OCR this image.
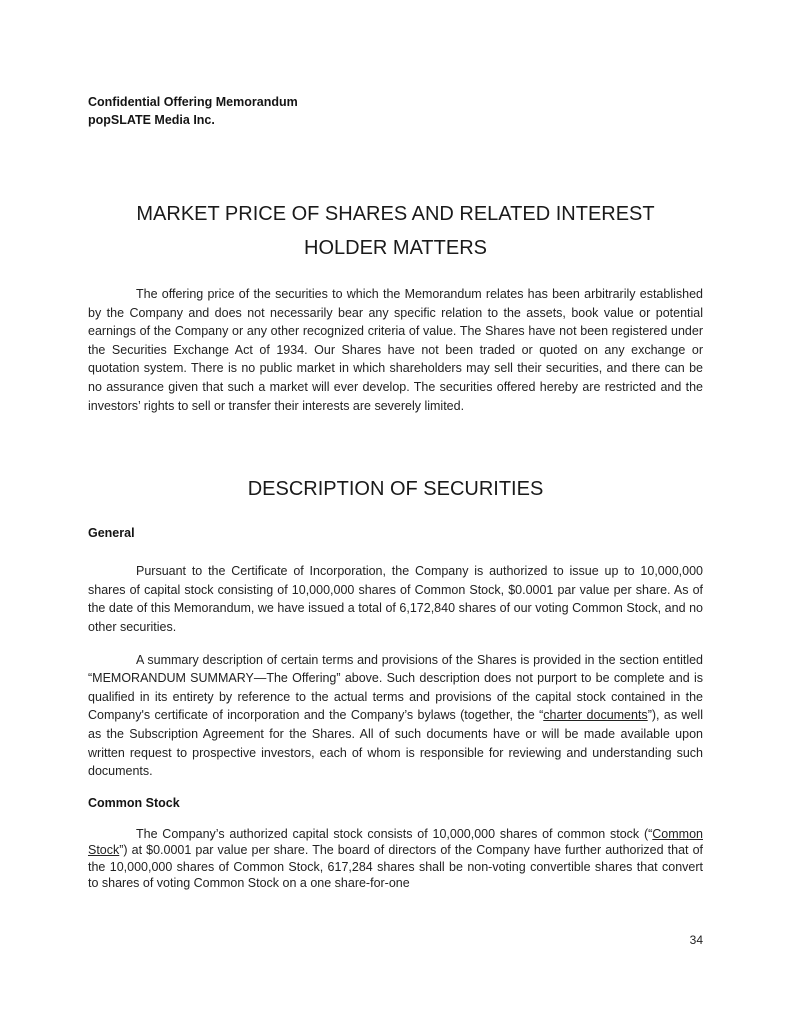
Confidential Offering Memorandum
popSLATE Media Inc.
MARKET PRICE OF SHARES AND RELATED INTEREST
HOLDER MATTERS

The offering price of the securities to which the Memorandum relates has been arbitrarily established by the Company and does not necessarily bear any specific relation to the assets, book value or potential earnings of the Company or any other recognized criteria of value. The Shares have not been registered under the Securities Exchange Act of 1934. Our Shares have not been traded or quoted on any exchange or quotation system. There is no public market in which shareholders may sell their securities, and there can be no assurance given that such a market will ever develop. The securities offered hereby are restricted and the investors’ rights to sell or transfer their interests are severely limited.

DESCRIPTION OF SECURITIES
General

Pursuant to the Certificate of Incorporation, the Company is authorized to issue up to 10,000,000 shares of capital stock consisting of 10,000,000 shares of Common Stock, $0.0001 par value per share. As of the date of this Memorandum, we have issued a total of 6,172,840 shares of our voting Common Stock, and no other securities.

A summary description of certain terms and provisions of the Shares is provided in the section entitled “MEMORANDUM SUMMARY—The Offering” above. Such description does not purport to be complete and is qualified in its entirety by reference to the actual terms and provisions of the capital stock contained in the Company's certificate of incorporation and the Company’s bylaws (together, the “charter documents”), as well as the Subscription Agreement for the Shares. All of such documents have or will be made available upon written request to prospective investors, each of whom is responsible for reviewing and understanding such documents.

Common Stock

The Company’s authorized capital stock consists of 10,000,000 shares of common stock (“Common Stock”) at $0.0001 par value per share. The board of directors of the Company have further authorized that of the 10,000,000 shares of Common Stock, 617,284 shares shall be non-voting convertible shares that convert to shares of voting Common Stock on a one share-for-one

34
